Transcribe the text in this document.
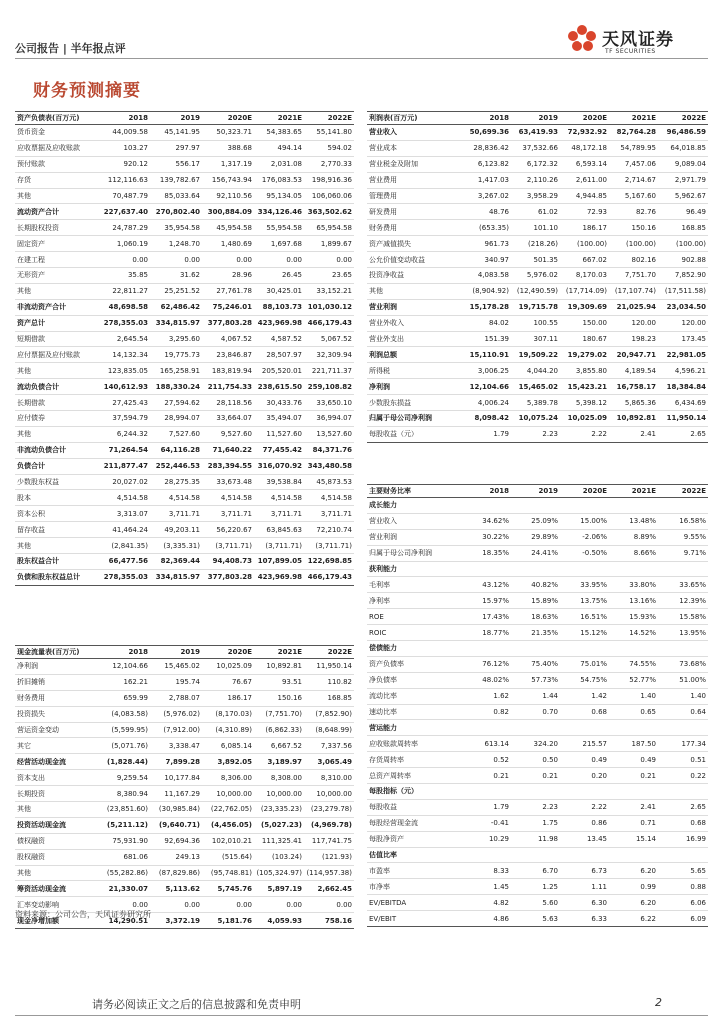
公司报告 | 半年报点评	天风证券
TF SECURITIES
财务预测摘要
资产负债表(百万元)	2018	2019	2020E	2021E	2022E
货币资金	44,009.58	45,141.95	50,323.71	54,383.65	55,141.80
应收票据及应收账款	103.27	297.97	388.68	494.14	594.02
预付账款	920.12	556.17	1,317.19	2,031.08	2,770.33
存货	112,116.63	139,782.67	156,743.94	176,083.53	198,916.36
其他	70,487.79	85,033.64	92,110.56	95,134.05	106,060.06
流动资产合计	227,637.40	270,802.40	300,884.09	334,126.46	363,502.62
长期股权投资	24,787.29	35,954.58	45,954.58	55,954.58	65,954.58
固定资产	1,060.19	1,248.70	1,480.69	1,697.68	1,899.67
在建工程	0.00	0.00	0.00	0.00	0.00
无形资产	35.85	31.62	28.96	26.45	23.65
其他	22,811.27	25,251.52	27,761.78	30,425.01	33,152.21
非流动资产合计	48,698.58	62,486.42	75,246.01	88,103.73	101,030.12
资产总计	278,355.03	334,815.97	377,803.28	423,969.98	466,179.43
短期借款	2,645.54	3,295.60	4,067.52	4,587.52	5,067.52
应付票据及应付账款	14,132.34	19,775.73	23,846.87	28,507.97	32,309.94
其他	123,835.05	165,258.91	183,819.94	205,520.01	221,711.37
流动负债合计	140,612.93	188,330.24	211,754.33	238,615.50	259,108.82
长期借款	27,425.43	27,594.62	28,118.56	30,433.76	33,650.10
应付债券	37,594.79	28,994.07	33,664.07	35,494.07	36,994.07
其他	6,244.32	7,527.60	9,527.60	11,527.60	13,527.60
非流动负债合计	71,264.54	64,116.28	71,640.22	77,455.42	84,371.76
负债合计	211,877.47	252,446.53	283,394.55	316,070.92	343,480.58
少数股东权益	20,027.02	28,275.35	33,673.48	39,538.84	45,873.53
股本	4,514.58	4,514.58	4,514.58	4,514.58	4,514.58
资本公积	3,313.07	3,711.71	3,711.71	3,711.71	3,711.71
留存收益	41,464.24	49,203.11	56,220.67	63,845.63	72,210.74
其他	(2,841.35)	(3,335.31)	(3,711.71)	(3,711.71)	(3,711.71)
股东权益合计	66,477.56	82,369.44	94,408.73	107,899.05	122,698.85
负债和股东权益总计	278,355.03	334,815.97	377,803.28	423,969.98	466,179.43
利润表(百万元)	2018	2019	2020E	2021E	2022E
营业收入	50,699.36	63,419.93	72,932.92	82,764.28	96,486.59
营业成本	28,836.42	37,532.66	48,172.18	54,789.95	64,018.85
营业税金及附加	6,123.82	6,172.32	6,593.14	7,457.06	9,089.04
营业费用	1,417.03	2,110.26	2,611.00	2,714.67	2,971.79
管理费用	3,267.02	3,958.29	4,944.85	5,167.60	5,962.67
研发费用	48.76	61.02	72.93	82.76	96.49
财务费用	(653.35)	101.10	186.17	150.16	168.85
资产减值损失	961.73	(218.26)	(100.00)	(100.00)	(100.00)
公允价值变动收益	340.97	501.35	667.02	802.16	902.88
投资净收益	4,083.58	5,976.02	8,170.03	7,751.70	7,852.90
其他	(8,904.92)	(12,490.59)	(17,714.09)	(17,107.74)	(17,511.58)
营业利润	15,178.28	19,715.78	19,309.69	21,025.94	23,034.50
营业外收入	84.02	100.55	150.00	120.00	120.00
营业外支出	151.39	307.11	180.67	198.23	173.45
利润总额	15,110.91	19,509.22	19,279.02	20,947.71	22,981.05
所得税	3,006.25	4,044.20	3,855.80	4,189.54	4,596.21
净利润	12,104.66	15,465.02	15,423.21	16,758.17	18,384.84
少数股东损益	4,006.24	5,389.78	5,398.12	5,865.36	6,434.69
归属于母公司净利润	8,098.42	10,075.24	10,025.09	10,892.81	11,950.14
每股收益（元）	1.79	2.23	2.22	2.41	2.65
主要财务比率	2018	2019	2020E	2021E	2022E
成长能力					
营业收入	34.62%	25.09%	15.00%	13.48%	16.58%
营业利润	30.22%	29.89%	-2.06%	8.89%	9.55%
归属于母公司净利润	18.35%	24.41%	-0.50%	8.66%	9.71%
获利能力					
毛利率	43.12%	40.82%	33.95%	33.80%	33.65%
净利率	15.97%	15.89%	13.75%	13.16%	12.39%
ROE	17.43%	18.63%	16.51%	15.93%	15.58%
ROIC	18.77%	21.35%	15.12%	14.52%	13.95%
偿债能力					
资产负债率	76.12%	75.40%	75.01%	74.55%	73.68%
净负债率	48.02%	57.73%	54.75%	52.77%	51.00%
流动比率	1.62	1.44	1.42	1.40	1.40
速动比率	0.82	0.70	0.68	0.65	0.64
营运能力					
应收账款周转率	613.14	324.20	215.57	187.50	177.34
存货周转率	0.52	0.50	0.49	0.49	0.51
总资产周转率	0.21	0.21	0.20	0.21	0.22
每股指标（元）					
每股收益	1.79	2.23	2.22	2.41	2.65
每股经营现金流	-0.41	1.75	0.86	0.71	0.68
每股净资产	10.29	11.98	13.45	15.14	16.99
估值比率					
市盈率	8.33	6.70	6.73	6.20	5.65
市净率	1.45	1.25	1.11	0.99	0.88
EV/EBITDA	4.82	5.60	6.30	6.20	6.06
EV/EBIT	4.86	5.63	6.33	6.22	6.09
现金流量表(百万元)	2018	2019	2020E	2021E	2022E
净利润	12,104.66	15,465.02	10,025.09	10,892.81	11,950.14
折旧摊销	162.21	195.74	76.67	93.51	110.82
财务费用	659.99	2,788.07	186.17	150.16	168.85
投资损失	(4,083.58)	(5,976.02)	(8,170.03)	(7,751.70)	(7,852.90)
营运资金变动	(5,599.95)	(7,912.00)	(4,310.89)	(6,862.33)	(8,648.99)
其它	(5,071.76)	3,338.47	6,085.14	6,667.52	7,337.56
经营活动现金流	(1,828.44)	7,899.28	3,892.05	3,189.97	3,065.49
资本支出	9,259.54	10,177.84	8,306.00	8,308.00	8,310.00
长期投资	8,380.94	11,167.29	10,000.00	10,000.00	10,000.00
其他	(23,851.60)	(30,985.84)	(22,762.05)	(23,335.23)	(23,279.78)
投资活动现金流	(5,211.12)	(9,640.71)	(4,456.05)	(5,027.23)	(4,969.78)
债权融资	75,931.90	92,694.36	102,010.21	111,325.41	117,741.75
股权融资	681.06	249.13	(515.64)	(103.24)	(121.93)
其他	(55,282.86)	(87,829.86)	(95,748.81)	(105,324.97)	(114,957.38)
筹资活动现金流	21,330.07	5,113.62	5,745.76	5,897.19	2,662.45
汇率变动影响	0.00	0.00	0.00	0.00	0.00
现金净增加额	14,290.51	3,372.19	5,181.76	4,059.93	758.16
资料来源：公司公告，天风证券研究所
请务必阅读正文之后的信息披露和免责申明	2
